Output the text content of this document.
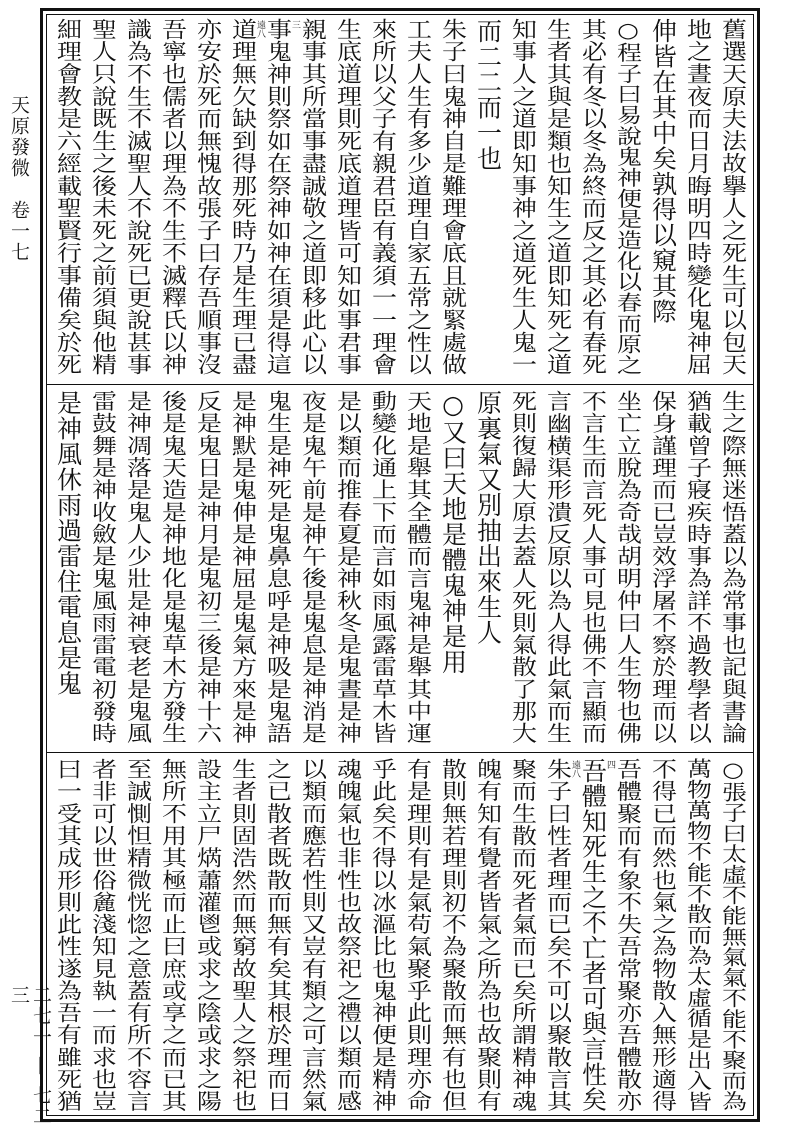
天原發微　卷一七
二七一 — 七二三
舊選天原夫法故擧人之死生可以包天
地之晝夜而日月晦明四時變化鬼神屈
伸皆在其中矣孰得以窺其際
○程子曰易說鬼神便是造化以春而原之
其必有冬以冬為終而反之其必有春死
生者其與是類也知生之道即知死之道
知事人之道即知事神之道死生人鬼一
而二二而一也
朱子曰鬼神自是難理會底且就緊處做
工夫人生有多少道理自家五常之性以
來所以父子有親君臣有義須一一理會
生底道理則死底道理皆可知如事君事
親事其所當事盡誠敬之道即移此心以
事鬼神則祭如在祭神如神在須是得這
道理無欠缺到得那死時乃是生理已盡
亦安於死而無愧故張子曰存吾順事沒
吾寧也儒者以理為不生不滅釋氏以神
識為不生不滅聖人不說死已更說甚事
聖人只說既生之後未死之前須與他精
細理會教是六經載聖賢行事備矣於死	遠八	三
生之際無迷悟蓋以為常事也記與書論
猶載曾子寢疾時事為詳不過教學者以
保身謹理而已豈效浮屠不察於理而以
坐亡立脫為奇哉胡明仲曰人生物也佛
不言生而言死人事可見也佛不言顯而
言幽横渠形潰反原以為人得此氣而生
死則復歸大原去蓋人死則氣散了那大
原裏氣又別抽出來生人
○又曰天地是體鬼神是用
天地是舉其全體而言鬼神是舉其中運
動變化通上下而言如雨風露雷草木皆
是以類而推春夏是神秋冬是鬼晝是神
夜是鬼午前是神午後是鬼息是神消是
鬼生是神死是鬼鼻息呼是神吸是鬼語
是神默是鬼伸是神屈是鬼氣方來是神
反是鬼日是神月是鬼初三後是神十六
後是鬼天造是神地化是鬼草木方發生
是神凋落是鬼人少壯是神衰老是鬼風
雷鼓舞是神收斂是鬼風雨雷電初發時
是神風休雨過雷住電息是鬼
○張子曰太虛不能無氣氣不能不聚而為
萬物萬物不能不散而為太虛循是出入皆
不得已而然也氣之為物散入無形適得
吾體聚而有象不失吾常聚亦吾體散亦
吾體知死生之不亡者可與言性矣
朱子曰性者理而已矣不可以聚散言其
聚而生散而死者氣而已矣所謂精神魂
魄有知有覺者皆氣之所為也故聚則有
散則無若理則初不為聚散而無有也但
有是理則有是氣苟氣聚乎此則理亦命
乎此矣不得以冰漚比也鬼神便是精神
魂魄氣也非性也故祭祀之禮以類而感
以類而應若性則又豈有類之可言然氣
之已散者既散而無有矣其根於理而日
生者則固浩然而無窮故聖人之祭祀也
設主立尸焫蕭灌鬯或求之陰或求之陽
無所不用其極而止曰庶或享之而已其
至誠惻怛精微恍惚之意蓋有所不容言
者非可以世俗麄淺知見執一而求也豈
曰一受其成形則此性遂為吾有雖死猶	遠八	四
